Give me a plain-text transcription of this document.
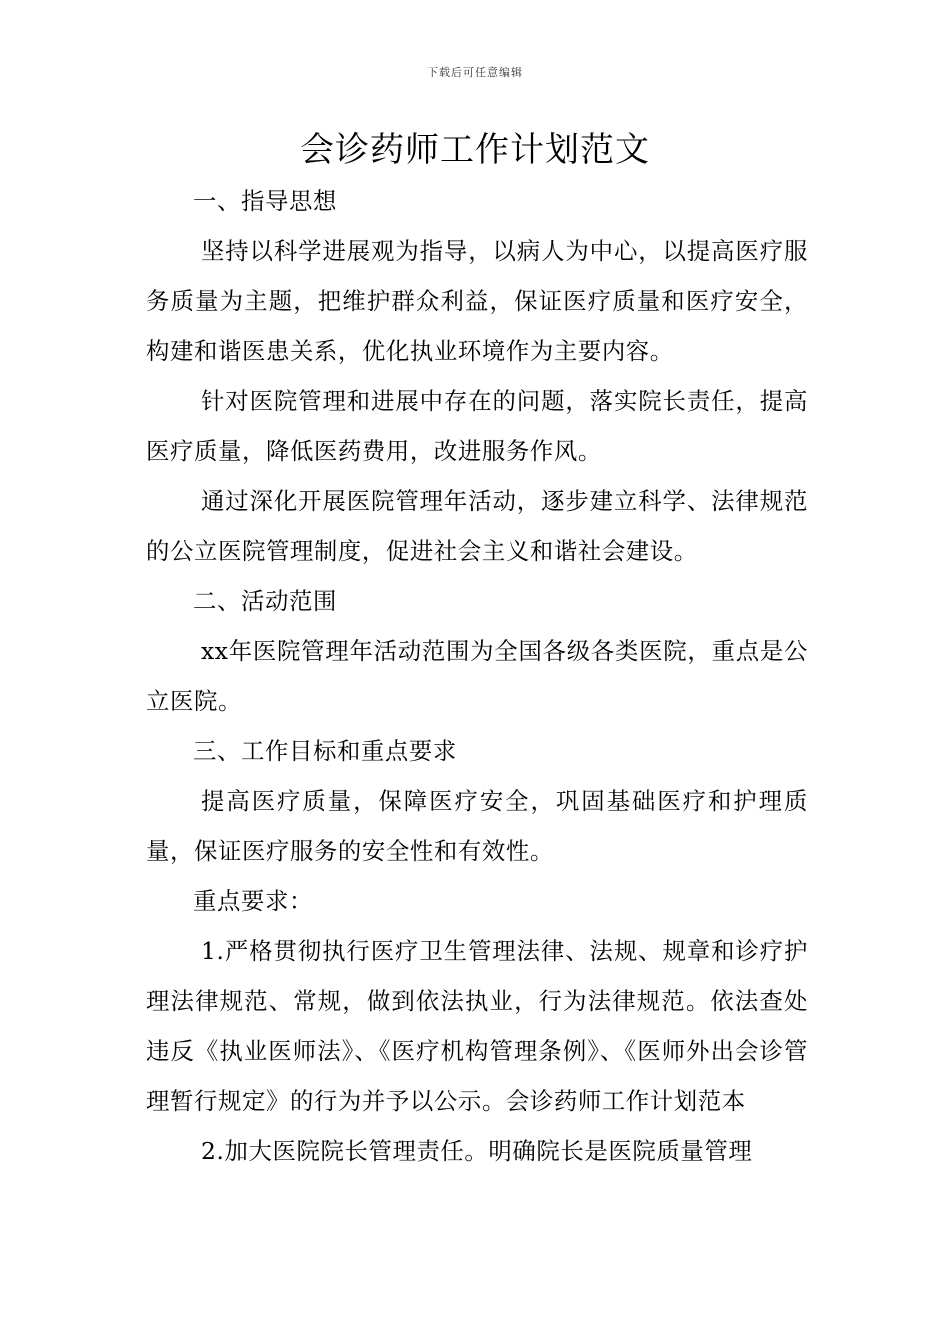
下载后可任意编辑
会诊药师工作计划范文

一、指导思想

坚持以科学进展观为指导，以病人为中心，以提高医疗服务质量为主题，把维护群众利益，保证医疗质量和医疗安全，构建和谐医患关系，优化执业环境作为主要内容。

针对医院管理和进展中存在的问题，落实院长责任，提高医疗质量，降低医药费用，改进服务作风。

通过深化开展医院管理年活动，逐步建立科学、法律规范的公立医院管理制度，促进社会主义和谐社会建设。

二、活动范围

xx年医院管理年活动范围为全国各级各类医院，重点是公立医院。

三、工作目标和重点要求

提高医疗质量，保障医疗安全，巩固基础医疗和护理质量，保证医疗服务的安全性和有效性。

重点要求：

1.严格贯彻执行医疗卫生管理法律、法规、规章和诊疗护理法律规范、常规，做到依法执业，行为法律规范。依法查处违反《执业医师法》、《医疗机构管理条例》、《医师外出会诊管理暂行规定》的行为并予以公示。会诊药师工作计划范本

2.加大医院院长管理责任。明确院长是医院质量管理
